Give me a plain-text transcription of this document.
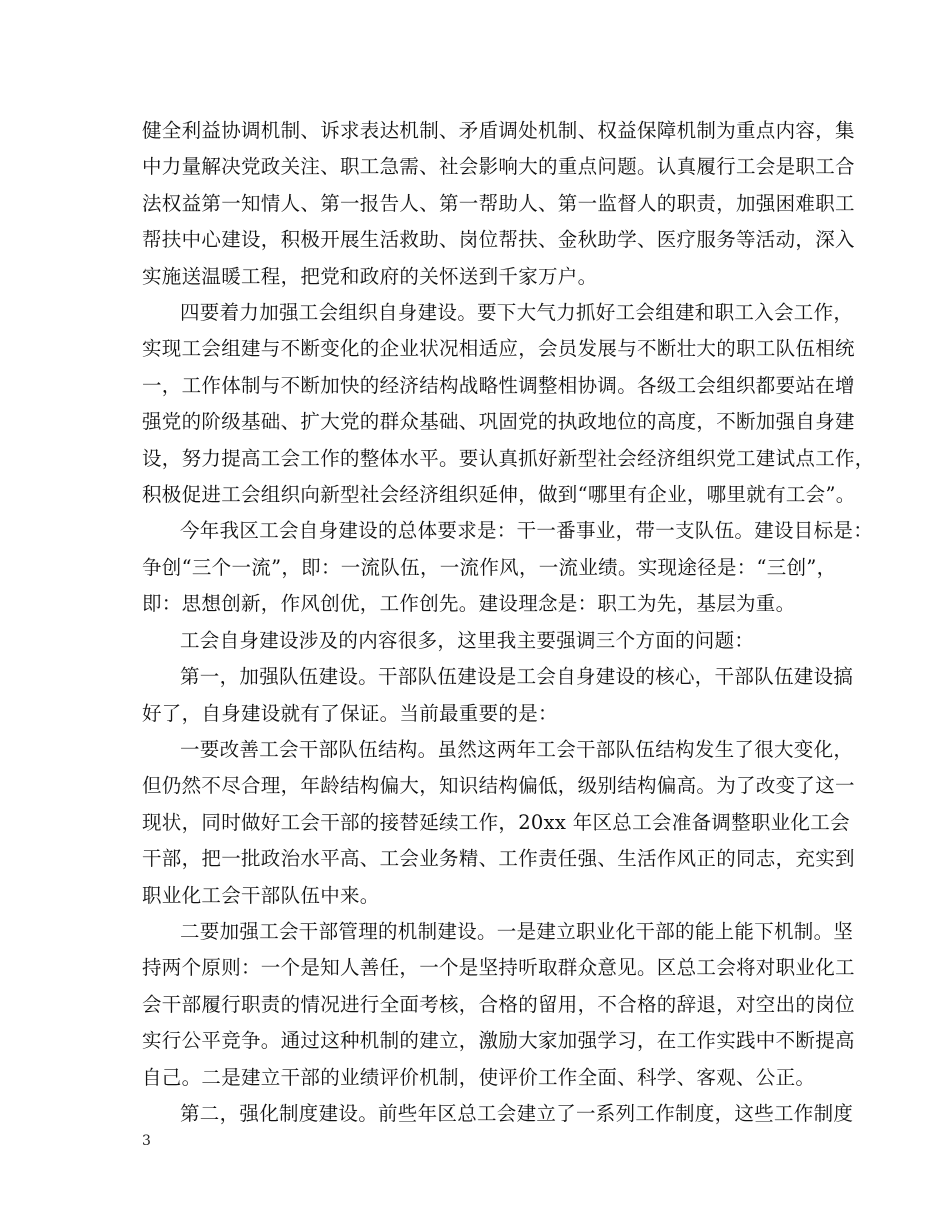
健全利益协调机制、诉求表达机制、矛盾调处机制、权益保障机制为重点内容，集
中力量解决党政关注、职工急需、社会影响大的重点问题。认真履行工会是职工合
法权益第一知情人、第一报告人、第一帮助人、第一监督人的职责，加强困难职工
帮扶中心建设，积极开展生活救助、岗位帮扶、金秋助学、医疗服务等活动，深入
实施送温暖工程，把党和政府的关怀送到千家万户。

四要着力加强工会组织自身建设。要下大气力抓好工会组建和职工入会工作，
实现工会组建与不断变化的企业状况相适应，会员发展与不断壮大的职工队伍相统
一，工作体制与不断加快的经济结构战略性调整相协调。各级工会组织都要站在增
强党的阶级基础、扩大党的群众基础、巩固党的执政地位的高度，不断加强自身建
设，努力提高工会工作的整体水平。要认真抓好新型社会经济组织党工建试点工作，
积极促进工会组织向新型社会经济组织延伸，做到“哪里有企业，哪里就有工会”。

今年我区工会自身建设的总体要求是：干一番事业，带一支队伍。建设目标是：
争创“三个一流”，即：一流队伍，一流作风，一流业绩。实现途径是：“三创”，
即：思想创新，作风创优，工作创先。建设理念是：职工为先，基层为重。

工会自身建设涉及的内容很多，这里我主要强调三个方面的问题：

第一，加强队伍建设。干部队伍建设是工会自身建设的核心，干部队伍建设搞
好了，自身建设就有了保证。当前最重要的是：

一要改善工会干部队伍结构。虽然这两年工会干部队伍结构发生了很大变化，
但仍然不尽合理，年龄结构偏大，知识结构偏低，级别结构偏高。为了改变了这一
现状，同时做好工会干部的接替延续工作，20xx 年区总工会准备调整职业化工会
干部，把一批政治水平高、工会业务精、工作责任强、生活作风正的同志，充实到
职业化工会干部队伍中来。

二要加强工会干部管理的机制建设。一是建立职业化干部的能上能下机制。坚
持两个原则：一个是知人善任，一个是坚持听取群众意见。区总工会将对职业化工
会干部履行职责的情况进行全面考核，合格的留用，不合格的辞退，对空出的岗位
实行公平竞争。通过这种机制的建立，激励大家加强学习，在工作实践中不断提高
自己。二是建立干部的业绩评价机制，使评价工作全面、科学、客观、公正。

第二，强化制度建设。前些年区总工会建立了一系列工作制度，这些工作制度

3
